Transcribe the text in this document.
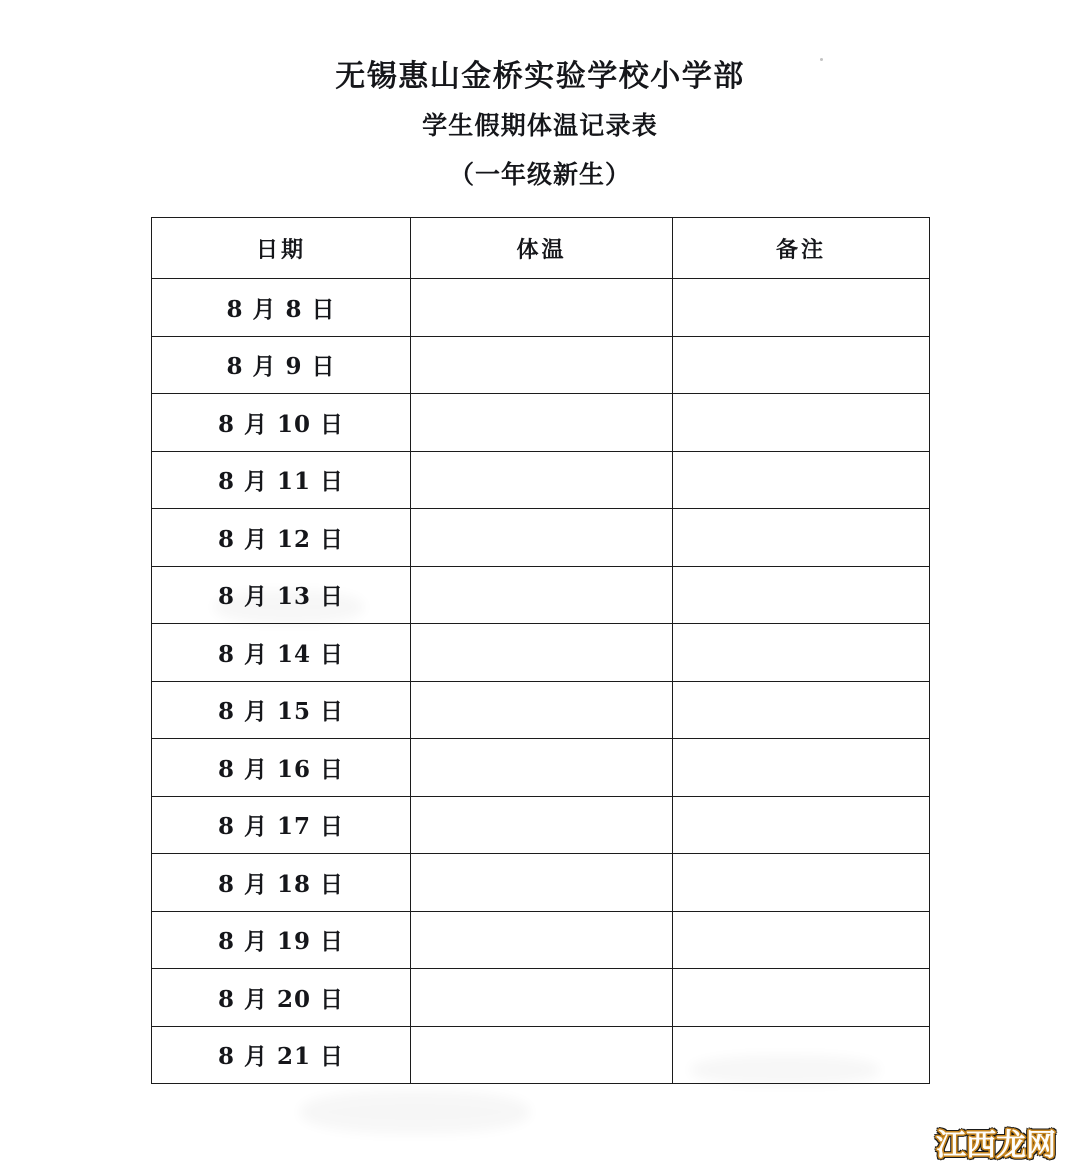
无锡惠山金桥实验学校小学部
学生假期体温记录表
（一年级新生）
日期	体温	备注
8 月 8 日		
8 月 9 日		
8 月 10 日		
8 月 11 日		
8 月 12 日		
8 月 13 日		
8 月 14 日		
8 月 15 日		
8 月 16 日		
8 月 17 日		
8 月 18 日		
8 月 19 日		
8 月 20 日		
8 月 21 日		
江西龙网
